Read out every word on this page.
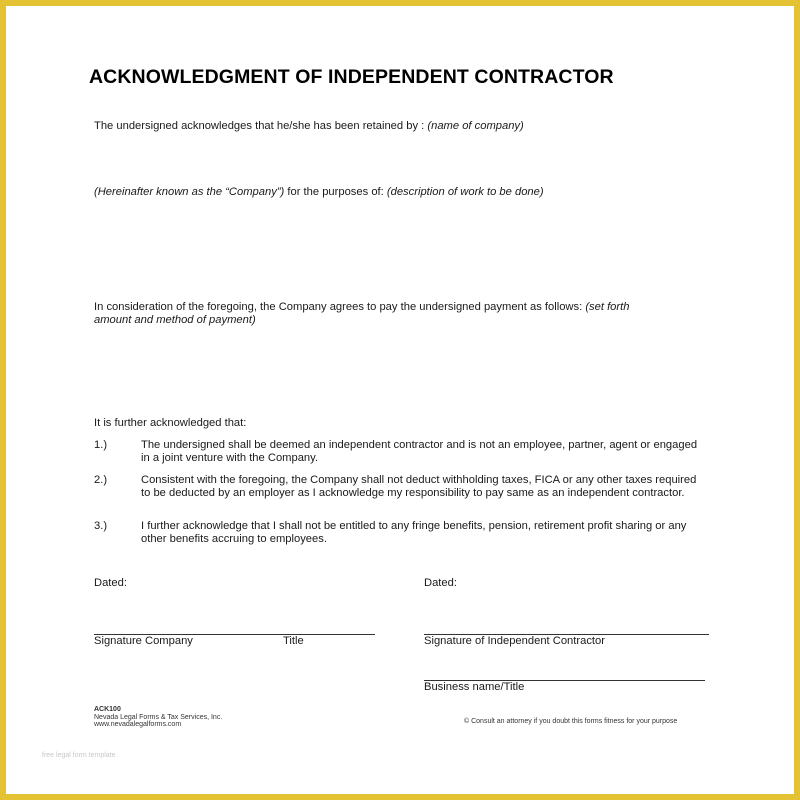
ACKNOWLEDGMENT OF INDEPENDENT CONTRACTOR
The undersigned acknowledges that he/she has been retained by : (name of company)
(Hereinafter known as the “Company”) for the purposes of: (description of work to be done)
In consideration of the foregoing, the Company agrees to pay the undersigned payment as follows: (set forth
amount and method of payment)
It is further acknowledged that:
1.)	The undersigned shall be deemed an independent contractor and is not an employee, partner, agent or engaged in a joint venture with the Company.
2.)	Consistent with the foregoing, the Company shall not deduct withholding taxes, FICA or any other taxes required to be deducted by an employer as I acknowledge my responsibility to pay same as an independent contractor.
3.)	I further acknowledge that I shall not be entitled to any fringe benefits, pension, retirement profit sharing or any other benefits accruing to employees.
Dated:	Dated:
Signature Company	Title	Signature of Independent Contractor
Business name/Title
ACK100
Nevada Legal Forms & Tax Services, Inc.
www.nevadalegalforms.com	© Consult an attorney if you doubt this forms fitness for your purpose
free legal form template
